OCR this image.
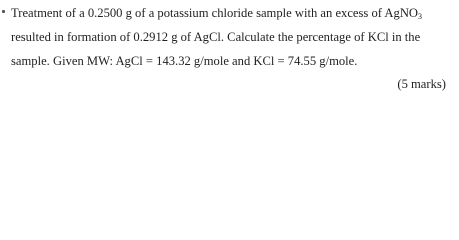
Treatment of a 0.2500 g of a potassium chloride sample with an excess of AgNO$_3$
resulted in formation of 0.2912 g of AgCl. Calculate the percentage of KCl in the
sample. Given MW: AgCl = 143.32 g/mole and KCl = 74.55 g/mole.
(5 marks)
